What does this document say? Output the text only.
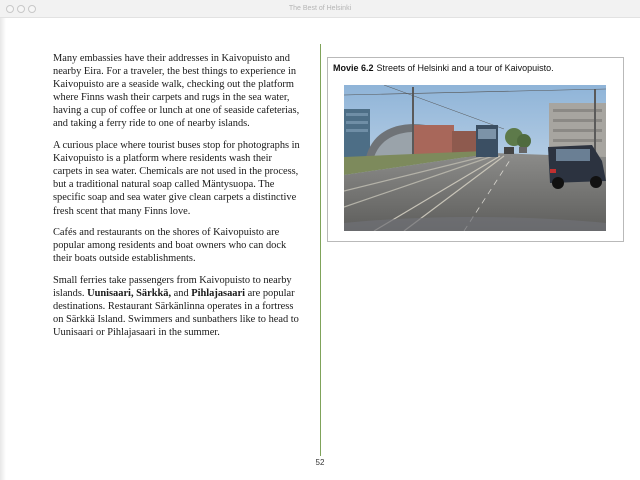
The Best of Helsinki

Many embassies have their addresses in Kaivopuisto and nearby Eira. For a traveler, the best things to experience in Kaivopuisto are a seaside walk, checking out the platform where Finns wash their carpets and rugs in the sea water, having a cup of coffee or lunch at one of seaside cafeterias, and taking a ferry ride to one of nearby islands.

A curious place where tourist buses stop for photographs in Kaivopuisto is a platform where residents wash their carpets in sea water. Chemicals are not used in the process, but a traditional natural soap called Mäntysuopa. The specific soap and sea water give clean carpets a distinctive fresh scent that many Finns love.

Cafés and restaurants on the shores of Kaivopuisto are popular among residents and boat owners who can dock their boats outside establishments.

Small ferries take passengers from Kaivopuisto to nearby islands. Uunisaari, Särkkä, and Pihlajasaari are popular destinations. Restaurant Särkänlinna operates in a fortress on Särkkä Island. Swimmers and sunbathers like to head to Uunisaari or Pihlajasaari in the summer.

Movie 6.2 Streets of Helsinki and a tour of Kaivopuisto.
52
